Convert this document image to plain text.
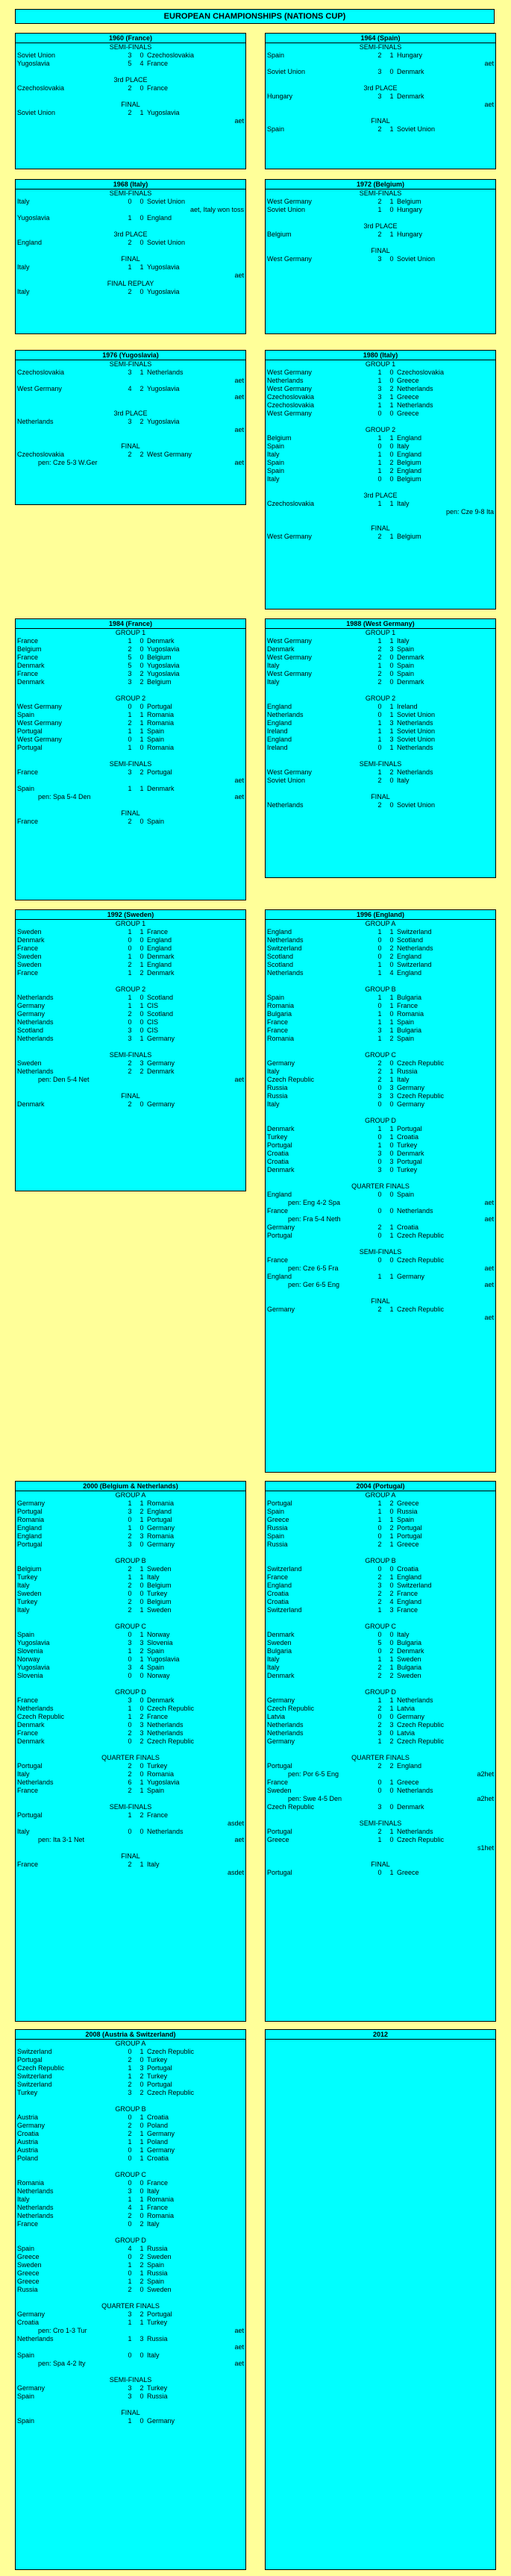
EUROPEAN CHAMPIONSHIPS (NATIONS CUP)
1960 (France)
SEMI-FINALS
Soviet Union	3 0 Czechoslovakia
Yugoslavia	5 4 France
3rd PLACE
Czechoslovakia	2 0 France
FINAL
Soviet Union	2 1 Yugoslavia
aet
1964 (Spain)
SEMI-FINALS
Spain	2 1 Hungary
aet
Soviet Union	3 0 Denmark
3rd PLACE
Hungary	3 1 Denmark
aet
FINAL
Spain	2 1 Soviet Union
1968 (Italy)
SEMI-FINALS
Italy	0 0 Soviet Union
aet, Italy won toss
Yugoslavia	1 0 England
3rd PLACE
England	2 0 Soviet Union
FINAL
Italy	1 1 Yugoslavia
aet
FINAL REPLAY
Italy	2 0 Yugoslavia
1972 (Belgium)
SEMI-FINALS
West Germany	2 1 Belgium
Soviet Union	1 0 Hungary
3rd PLACE
Belgium	2 1 Hungary
FINAL
West Germany	3 0 Soviet Union
1976 (Yugoslavia)
SEMI-FINALS
Czechoslovakia	3 1 Netherlands
aet
West Germany	4 2 Yugoslavia
aet
3rd PLACE
Netherlands	3 2 Yugoslavia
aet
FINAL
Czechoslovakia	2 2 West Germany
pen: Cze 5-3 W.Ger	aet
1980 (Italy)
GROUP 1
West Germany	1 0 Czechoslovakia
Netherlands	1 0 Greece
West Germany	3 2 Netherlands
Czechoslovakia	3 1 Greece
Czechoslovakia	1 1 Netherlands
West Germany	0 0 Greece
GROUP 2
Belgium	1 1 England
Spain	0 0 Italy
Italy	1 0 England
Spain	1 2 Belgium
Spain	1 2 England
Italy	0 0 Belgium
3rd PLACE
Czechoslovakia	1 1 Italy
pen: Cze 9-8 Ita
FINAL
West Germany	2 1 Belgium
1984 (France)
GROUP 1
France	1 0 Denmark
Belgium	2 0 Yugoslavia
France	5 0 Belgium
Denmark	5 0 Yugoslavia
France	3 2 Yugoslavia
Denmark	3 2 Belgium
GROUP 2
West Germany	0 0 Portugal
Spain	1 1 Romania
West Germany	2 1 Romania
Portugal	1 1 Spain
West Germany	0 1 Spain
Portugal	1 0 Romania
SEMI-FINALS
France	3 2 Portugal
aet
Spain	1 1 Denmark
pen: Spa 5-4 Den	aet
FINAL
France	2 0 Spain
1988 (West Germany)
GROUP 1
West Germany	1 1 Italy
Denmark	2 3 Spain
West Germany	2 0 Denmark
Italy	1 0 Spain
West Germany	2 0 Spain
Italy	2 0 Denmark
GROUP 2
England	0 1 Ireland
Netherlands	0 1 Soviet Union
England	1 3 Netherlands
Ireland	1 1 Soviet Union
England	1 3 Soviet Union
Ireland	0 1 Netherlands
SEMI-FINALS
West Germany	1 2 Netherlands
Soviet Union	2 0 Italy
FINAL
Netherlands	2 0 Soviet Union
1992 (Sweden)
GROUP 1
Sweden	1 1 France
Denmark	0 0 England
France	0 0 England
Sweden	1 0 Denmark
Sweden	2 1 England
France	1 2 Denmark
GROUP 2
Netherlands	1 0 Scotland
Germany	1 1 CIS
Germany	2 0 Scotland
Netherlands	0 0 CIS
Scotland	3 0 CIS
Netherlands	3 1 Germany
SEMI-FINALS
Sweden	2 3 Germany
Netherlands	2 2 Denmark
pen: Den 5-4 Net	aet
FINAL
Denmark	2 0 Germany
1996 (England)
GROUP A
England	1 1 Switzerland
Netherlands	0 0 Scotland
Switzerland	0 2 Netherlands
Scotland	0 2 England
Scotland	1 0 Switzerland
Netherlands	1 4 England
GROUP B
Spain	1 1 Bulgaria
Romania	0 1 France
Bulgaria	1 0 Romania
France	1 1 Spain
France	3 1 Bulgaria
Romania	1 2 Spain
GROUP C
Germany	2 0 Czech Republic
Italy	2 1 Russia
Czech Republic	2 1 Italy
Russia	0 3 Germany
Russia	3 3 Czech Republic
Italy	0 0 Germany
GROUP D
Denmark	1 1 Portugal
Turkey	0 1 Croatia
Portugal	1 0 Turkey
Croatia	3 0 Denmark
Croatia	0 3 Portugal
Denmark	3 0 Turkey
QUARTER FINALS
England	0 0 Spain
pen: Eng 4-2 Spa	aet
France	0 0 Netherlands
pen: Fra 5-4 Neth	aet
Germany	2 1 Croatia
Portugal	0 1 Czech Republic
SEMI-FINALS
France	0 0 Czech Republic
pen: Cze 6-5 Fra	aet
England	1 1 Germany
pen: Ger 6-5 Eng	aet
FINAL
Germany	2 1 Czech Republic
aet
2000 (Belgium & Netherlands)
GROUP A
Germany	1 1 Romania
Portugal	3 2 England
Romania	0 1 Portugal
England	1 0 Germany
England	2 3 Romania
Portugal	3 0 Germany
GROUP B
Belgium	2 1 Sweden
Turkey	1 1 Italy
Italy	2 0 Belgium
Sweden	0 0 Turkey
Turkey	2 0 Belgium
Italy	2 1 Sweden
GROUP C
Spain	0 1 Norway
Yugoslavia	3 3 Slovenia
Slovenia	1 2 Spain
Norway	0 1 Yugoslavia
Yugoslavia	3 4 Spain
Slovenia	0 0 Norway
GROUP D
France	3 0 Denmark
Netherlands	1 0 Czech Republic
Czech Republic	1 2 France
Denmark	0 3 Netherlands
France	2 3 Netherlands
Denmark	0 2 Czech Republic
QUARTER FINALS
Portugal	2 0 Turkey
Italy	2 0 Romania
Netherlands	6 1 Yugoslavia
France	2 1 Spain
SEMI-FINALS
Portugal	1 2 France
asdet
Italy	0 0 Netherlands
pen: Ita 3-1 Net	aet
FINAL
France	2 1 Italy
asdet
2004 (Portugal)
GROUP A
Portugal	1 2 Greece
Spain	1 0 Russia
Greece	1 1 Spain
Russia	0 2 Portugal
Spain	0 1 Portugal
Russia	2 1 Greece
GROUP B
Switzerland	0 0 Croatia
France	2 1 England
England	3 0 Switzerland
Croatia	2 2 France
Croatia	2 4 England
Switzerland	1 3 France
GROUP C
Denmark	0 0 Italy
Sweden	5 0 Bulgaria
Bulgaria	0 2 Denmark
Italy	1 1 Sweden
Italy	2 1 Bulgaria
Denmark	2 2 Sweden
GROUP D
Germany	1 1 Netherlands
Czech Republic	2 1 Latvia
Latvia	0 0 Germany
Netherlands	2 3 Czech Republic
Netherlands	3 0 Latvia
Germany	1 2 Czech Republic
QUARTER FINALS
Portugal	2 2 England
pen: Por 6-5 Eng	a2het
France	0 1 Greece
Sweden	0 0 Netherlands
pen: Swe 4-5 Den	a2het
Czech Republic	3 0 Denmark
SEMI-FINALS
Portugal	2 1 Netherlands
Greece	1 0 Czech Republic
s1het
FINAL
Portugal	0 1 Greece
2008 (Austria & Switzerland)
GROUP A
Switzerland	0 1 Czech Republic
Portugal	2 0 Turkey
Czech Republic	1 3 Portugal
Switzerland	1 2 Turkey
Switzerland	2 0 Portugal
Turkey	3 2 Czech Republic
GROUP B
Austria	0 1 Croatia
Germany	2 0 Poland
Croatia	2 1 Germany
Austria	1 1 Poland
Austria	0 1 Germany
Poland	0 1 Croatia
GROUP C
Romania	0 0 France
Netherlands	3 0 Italy
Italy	1 1 Romania
Netherlands	4 1 France
Netherlands	2 0 Romania
France	0 2 Italy
GROUP D
Spain	4 1 Russia
Greece	0 2 Sweden
Sweden	1 2 Spain
Greece	0 1 Russia
Greece	1 2 Spain
Russia	2 0 Sweden
QUARTER FINALS
Germany	3 2 Portugal
Croatia	1 1 Turkey
pen: Cro 1-3 Tur	aet
Netherlands	1 3 Russia
aet
Spain	0 0 Italy
pen: Spa 4-2 Ity	aet
SEMI-FINALS
Germany	3 2 Turkey
Spain	3 0 Russia
FINAL
Spain	1 0 Germany
2012
